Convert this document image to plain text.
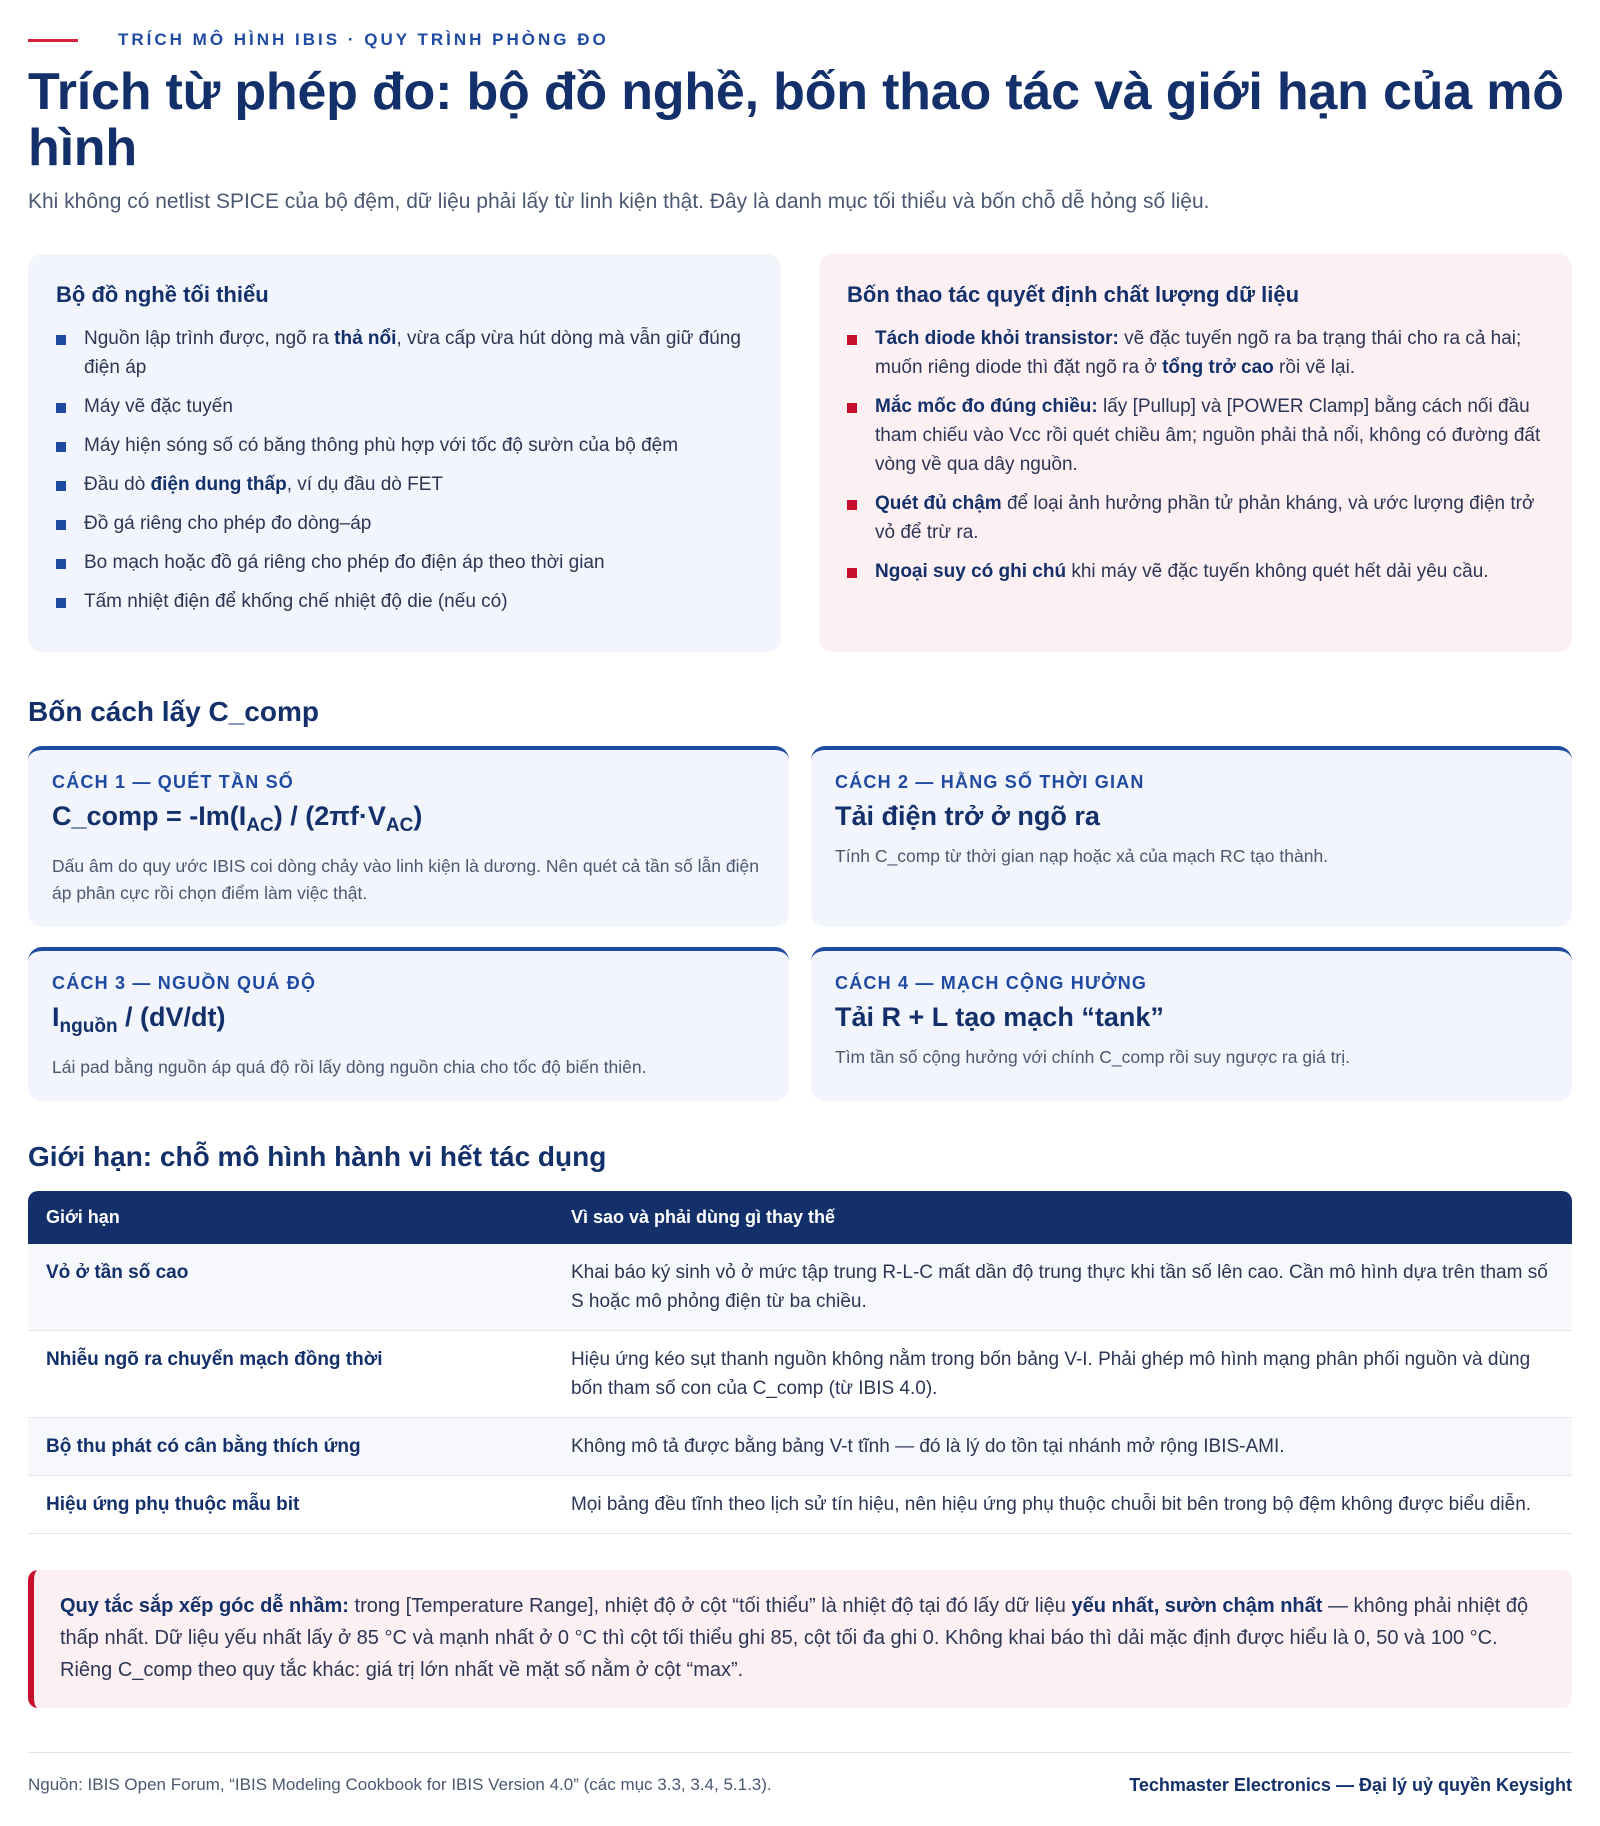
TRÍCH MÔ HÌNH IBIS · QUY TRÌNH PHÒNG ĐO
Trích từ phép đo: bộ đồ nghề, bốn thao tác và giới hạn của mô hình

Khi không có netlist SPICE của bộ đệm, dữ liệu phải lấy từ linh kiện thật. Đây là danh mục tối thiểu và bốn chỗ dễ hỏng số liệu.

Bộ đồ nghề tối thiểu
Nguồn lập trình được, ngõ ra thả nổi, vừa cấp vừa hút dòng mà vẫn giữ đúng điện áp
Máy vẽ đặc tuyến
Máy hiện sóng số có băng thông phù hợp với tốc độ sườn của bộ đệm
Đầu dò điện dung thấp, ví dụ đầu dò FET
Đồ gá riêng cho phép đo dòng–áp
Bo mạch hoặc đồ gá riêng cho phép đo điện áp theo thời gian
Tấm nhiệt điện để khống chế nhiệt độ die (nếu có)
Bốn thao tác quyết định chất lượng dữ liệu
Tách diode khỏi transistor: vẽ đặc tuyến ngõ ra ba trạng thái cho ra cả hai; muốn riêng diode thì đặt ngõ ra ở tổng trở cao rồi vẽ lại.
Mắc mốc đo đúng chiều: lấy [Pullup] và [POWER Clamp] bằng cách nối đầu tham chiếu vào Vcc rồi quét chiều âm; nguồn phải thả nổi, không có đường đất vòng về qua dây nguồn.
Quét đủ chậm để loại ảnh hưởng phần tử phản kháng, và ước lượng điện trở vỏ để trừ ra.
Ngoại suy có ghi chú khi máy vẽ đặc tuyến không quét hết dải yêu cầu.
Bốn cách lấy C_comp
CÁCH 1 — QUÉT TẦN SỐ
C_comp = $-Im(I_{AC}) / (2\pi f\cdot V_{AC})$
Dấu âm do quy ước IBIS coi dòng chảy vào linh kiện là dương. Nên quét cả tần số lẫn điện áp phân cực rồi chọn điểm làm việc thật.
CÁCH 2 — HẰNG SỐ THỜI GIAN
Tải điện trở ở ngõ ra
Tính C_comp từ thời gian nạp hoặc xả của mạch RC tạo thành.
CÁCH 3 — NGUỒN QUÁ ĐỘ
$I_{nguồn} / (dV/dt)$
Lái pad bằng nguồn áp quá độ rồi lấy dòng nguồn chia cho tốc độ biến thiên.
CÁCH 4 — MẠCH CỘNG HƯỞNG
Tải R + L tạo mạch “tank”
Tìm tần số cộng hưởng với chính C_comp rồi suy ngược ra giá trị.
Giới hạn: chỗ mô hình hành vi hết tác dụng
Giới hạn	Vì sao và phải dùng gì thay thế
Vỏ ở tần số cao	Khai báo ký sinh vỏ ở mức tập trung R-L-C mất dần độ trung thực khi tần số lên cao. Cần mô hình dựa trên tham số S hoặc mô phỏng điện từ ba chiều.
Nhiễu ngõ ra chuyển mạch đồng thời	Hiệu ứng kéo sụt thanh nguồn không nằm trong bốn bảng V-I. Phải ghép mô hình mạng phân phối nguồn và dùng bốn tham số con của C_comp (từ IBIS 4.0).
Bộ thu phát có cân bằng thích ứng	Không mô tả được bằng bảng V-t tĩnh — đó là lý do tồn tại nhánh mở rộng IBIS-AMI.
Hiệu ứng phụ thuộc mẫu bit	Mọi bảng đều tĩnh theo lịch sử tín hiệu, nên hiệu ứng phụ thuộc chuỗi bit bên trong bộ đệm không được biểu diễn.
Quy tắc sắp xếp góc dễ nhầm: trong [Temperature Range], nhiệt độ ở cột “tối thiểu” là nhiệt độ tại đó lấy dữ liệu yếu nhất, sườn chậm nhất — không phải nhiệt độ thấp nhất. Dữ liệu yếu nhất lấy ở 85 °C và mạnh nhất ở 0 °C thì cột tối thiểu ghi 85, cột tối đa ghi 0. Không khai báo thì dải mặc định được hiểu là 0, 50 và 100 °C. Riêng C_comp theo quy tắc khác: giá trị lớn nhất về mặt số nằm ở cột “max”.
Nguồn: IBIS Open Forum, “IBIS Modeling Cookbook for IBIS Version 4.0” (các mục 3.3, 3.4, 5.1.3).	Techmaster Electronics — Đại lý uỷ quyền Keysight
